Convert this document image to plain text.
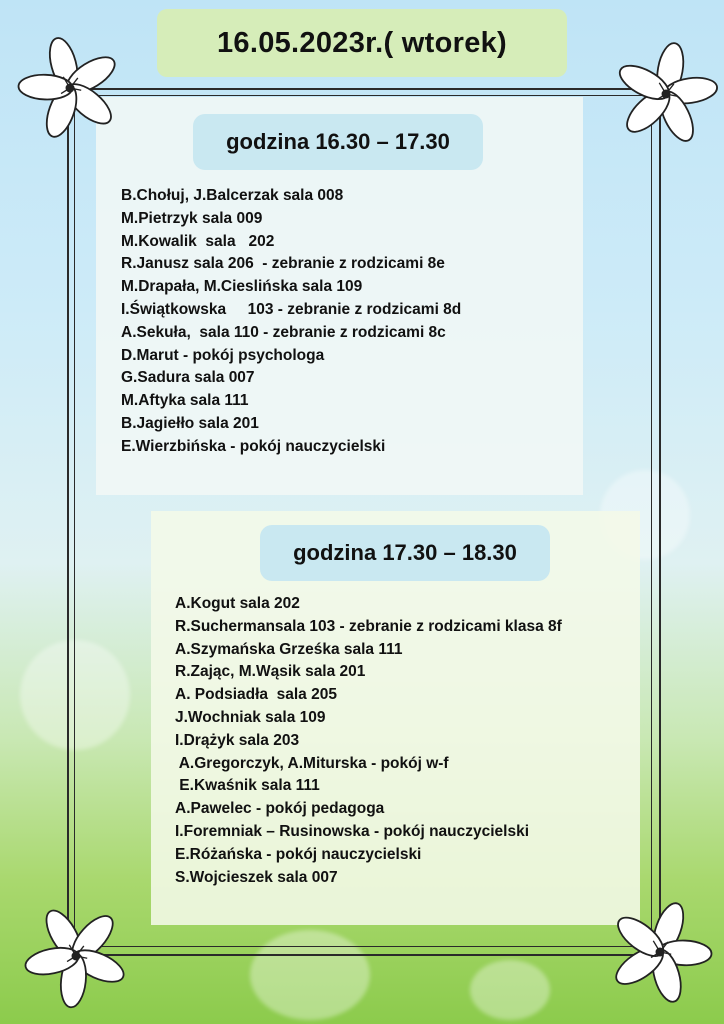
16.05.2023r.( wtorek)
godzina 16.30 – 17.30
B.Chołuj, J.Balcerzak sala 008
M.Pietrzyk sala 009
M.Kowalik  sala   202
R.Janusz sala 206  - zebranie z rodzicami 8e
M.Drapała, M.Cieslińska sala 109
I.Świątkowska     103 - zebranie z rodzicami 8d
A.Sekuła,  sala 110 - zebranie z rodzicami 8c
D.Marut - pokój psychologa
G.Sadura sala 007
M.Aftyka sala 111
B.Jagiełło sala 201
E.Wierzbińska - pokój nauczycielski
godzina 17.30 – 18.30
A.Kogut sala 202
R.Suchermansala 103 - zebranie z rodzicami klasa 8f
A.Szymańska Grześka sala 111
R.Zając, M.Wąsik sala 201
A. Podsiadła  sala 205
J.Wochniak sala 109
I.Drążyk sala 203
A.Gregorczyk, A.Miturska - pokój w-f
E.Kwaśnik sala 111
A.Pawelec - pokój pedagoga
I.Foremniak – Rusinowska - pokój nauczycielski
E.Różańska - pokój nauczycielski
S.Wojcieszek sala 007
